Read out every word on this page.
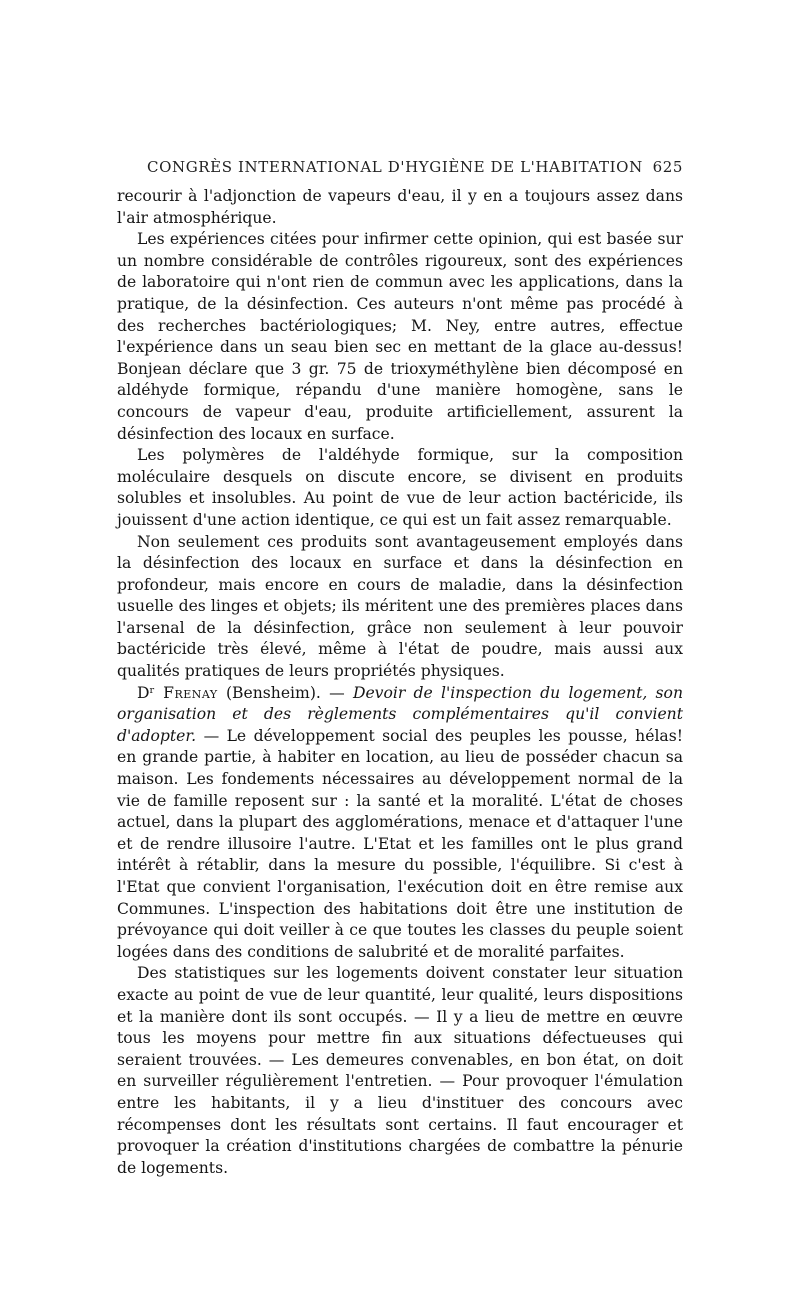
CONGRÈS INTERNATIONAL D'HYGIÈNE DE L'HABITATION 625

recourir à l'adjonction de vapeurs d'eau, il y en a toujours assez dans l'air atmosphérique.

Les expériences citées pour infirmer cette opinion, qui est basée sur un nombre considérable de contrôles rigoureux, sont des expériences de laboratoire qui n'ont rien de commun avec les applications, dans la pratique, de la désinfection. Ces auteurs n'ont même pas procédé à des recherches bactériologiques; M. Ney, entre autres, effectue l'expérience dans un seau bien sec en mettant de la glace au-dessus! Bonjean déclare que 3 gr. 75 de trioxyméthylène bien décomposé en aldéhyde formique, répandu d'une manière homogène, sans le concours de vapeur d'eau, produite artificiellement, assurent la désinfection des locaux en surface.

Les polymères de l'aldéhyde formique, sur la composition moléculaire desquels on discute encore, se divisent en produits solubles et insolubles. Au point de vue de leur action bactéricide, ils jouissent d'une action identique, ce qui est un fait assez remarquable.

Non seulement ces produits sont avantageusement employés dans la désinfection des locaux en surface et dans la désinfection en profondeur, mais encore en cours de maladie, dans la désinfection usuelle des linges et objets; ils méritent une des premières places dans l'arsenal de la désinfection, grâce non seulement à leur pouvoir bactéricide très élevé, même à l'état de poudre, mais aussi aux qualités pratiques de leurs propriétés physiques.

Dʳ Frenay (Bensheim). — Devoir de l'inspection du logement, son organisation et des règlements complémentaires qu'il convient d'adopter. — Le développement social des peuples les pousse, hélas! en grande partie, à habiter en location, au lieu de posséder chacun sa maison. Les fondements nécessaires au développement normal de la vie de famille reposent sur : la santé et la moralité. L'état de choses actuel, dans la plupart des agglomérations, menace et d'attaquer l'une et de rendre illusoire l'autre. L'Etat et les familles ont le plus grand intérêt à rétablir, dans la mesure du possible, l'équilibre. Si c'est à l'Etat que convient l'organisation, l'exécution doit en être remise aux Communes. L'inspection des habitations doit être une institution de prévoyance qui doit veiller à ce que toutes les classes du peuple soient logées dans des conditions de salubrité et de moralité parfaites.

Des statistiques sur les logements doivent constater leur situation exacte au point de vue de leur quantité, leur qualité, leurs dispositions et la manière dont ils sont occupés. — Il y a lieu de mettre en œuvre tous les moyens pour mettre fin aux situations défectueuses qui seraient trouvées. — Les demeures convenables, en bon état, on doit en surveiller régulièrement l'entretien. — Pour provoquer l'émulation entre les habitants, il y a lieu d'instituer des concours avec récompenses dont les résultats sont certains. Il faut encourager et provoquer la création d'institutions chargées de combattre la pénurie de logements.
